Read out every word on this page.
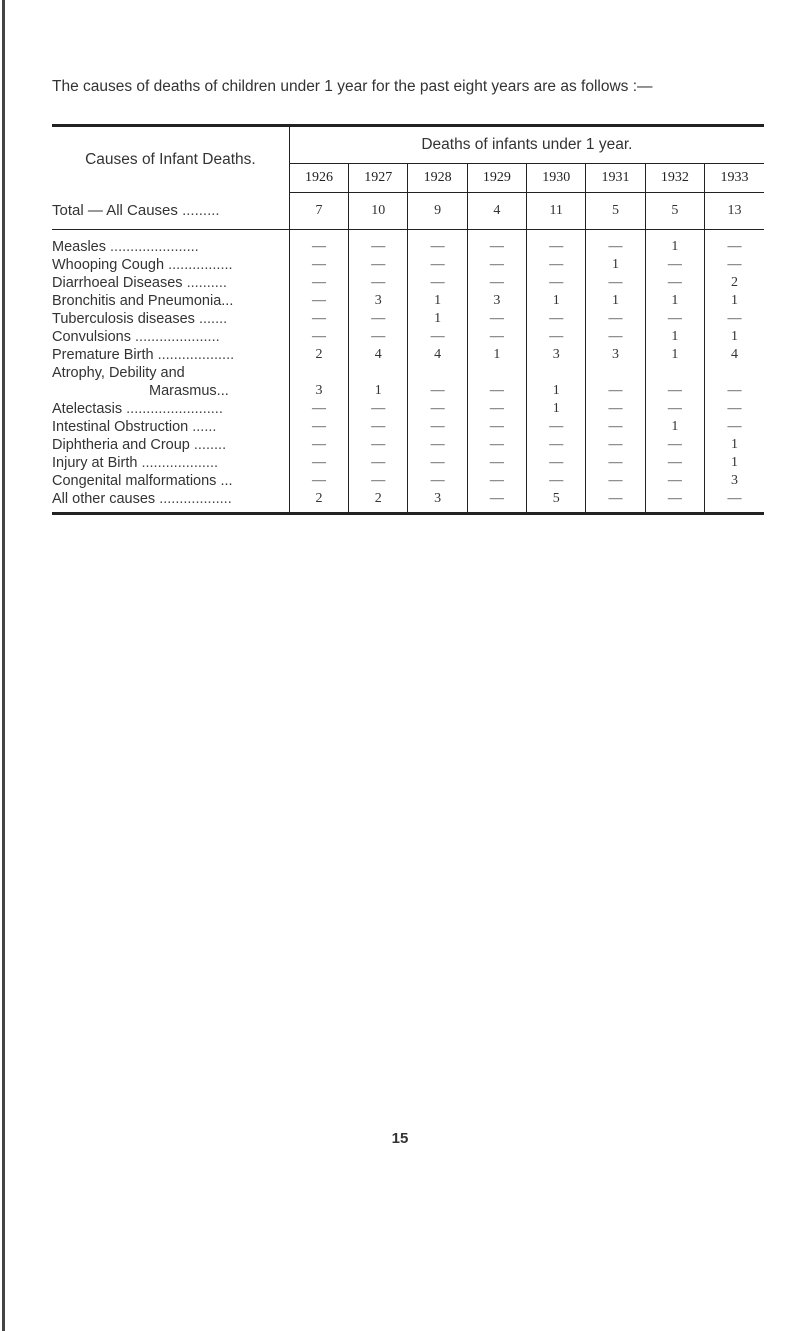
The causes of deaths of children under 1 year for the past eight years are as follows :—

Causes of Infant Deaths.	Deaths of infants under 1 year.							
	1926	1927	1928	1929	1930	1931	1932	1933
Total — All Causes .........	7	10	9	4	11	5	5	13
Measles ......................	—	—	—	—	—	—	1	—
Whooping Cough ................	—	—	—	—	—	1	—	—
Diarrhoeal Diseases ..........	—	—	—	—	—	—	—	2
Bronchitis and Pneumonia...	—	3	1	3	1	1	1	1
Tuberculosis diseases .......	—	—	1	—	—	—	—	—
Convulsions .....................	—	—	—	—	—	—	1	1
Premature Birth ...................	2	4	4	1	3	3	1	4
Atrophy, Debility and								
Marasmus...	3	1	—	—	1	—	—	—
Atelectasis ........................	—	—	—	—	1	—	—	—
Intestinal Obstruction ......	—	—	—	—	—	—	1	—
Diphtheria and Croup ........	—	—	—	—	—	—	—	1
Injury at Birth ...................	—	—	—	—	—	—	—	1
Congenital malformations ...	—	—	—	—	—	—	—	3
All other causes ..................	2	2	3	—	5	—	—	—
15
